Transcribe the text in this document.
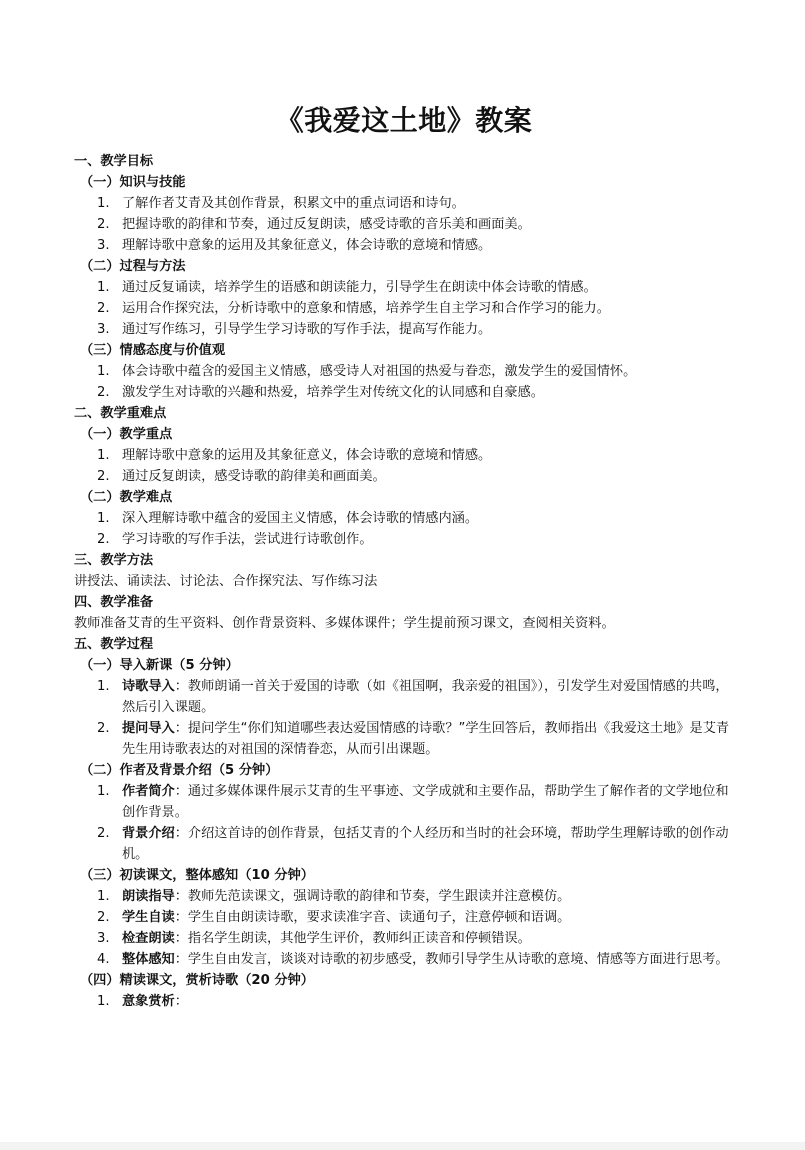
《我爱这土地》教案
一、教学目标
（一）知识与技能
1. 了解作者艾青及其创作背景，积累文中的重点词语和诗句。
2. 把握诗歌的韵律和节奏，通过反复朗读，感受诗歌的音乐美和画面美。
3. 理解诗歌中意象的运用及其象征意义，体会诗歌的意境和情感。
（二）过程与方法
1. 通过反复诵读，培养学生的语感和朗读能力，引导学生在朗读中体会诗歌的情感。
2. 运用合作探究法，分析诗歌中的意象和情感，培养学生自主学习和合作学习的能力。
3. 通过写作练习，引导学生学习诗歌的写作手法，提高写作能力。
（三）情感态度与价值观
1. 体会诗歌中蕴含的爱国主义情感，感受诗人对祖国的热爱与眷恋，激发学生的爱国情怀。
2. 激发学生对诗歌的兴趣和热爱，培养学生对传统文化的认同感和自豪感。
二、教学重难点
（一）教学重点
1. 理解诗歌中意象的运用及其象征意义，体会诗歌的意境和情感。
2. 通过反复朗读，感受诗歌的韵律美和画面美。
（二）教学难点
1. 深入理解诗歌中蕴含的爱国主义情感，体会诗歌的情感内涵。
2. 学习诗歌的写作手法，尝试进行诗歌创作。
三、教学方法
讲授法、诵读法、讨论法、合作探究法、写作练习法
四、教学准备
教师准备艾青的生平资料、创作背景资料、多媒体课件；学生提前预习课文，查阅相关资料。
五、教学过程
（一）导入新课（5 分钟）
1. 诗歌导入：教师朗诵一首关于爱国的诗歌（如《祖国啊，我亲爱的祖国》），引发学生对爱国情感的共鸣，然后引入课题。
2. 提问导入：提问学生“你们知道哪些表达爱国情感的诗歌？”学生回答后，教师指出《我爱这土地》是艾青先生用诗歌表达的对祖国的深情眷恋，从而引出课题。
（二）作者及背景介绍（5 分钟）
1. 作者简介：通过多媒体课件展示艾青的生平事迹、文学成就和主要作品，帮助学生了解作者的文学地位和创作背景。
2. 背景介绍：介绍这首诗的创作背景，包括艾青的个人经历和当时的社会环境，帮助学生理解诗歌的创作动机。
（三）初读课文，整体感知（10 分钟）
1. 朗读指导：教师先范读课文，强调诗歌的韵律和节奏，学生跟读并注意模仿。
2. 学生自读：学生自由朗读诗歌，要求读准字音、读通句子，注意停顿和语调。
3. 检查朗读：指名学生朗读，其他学生评价，教师纠正读音和停顿错误。
4. 整体感知：学生自由发言，谈谈对诗歌的初步感受，教师引导学生从诗歌的意境、情感等方面进行思考。
（四）精读课文，赏析诗歌（20 分钟）
1. 意象赏析：
